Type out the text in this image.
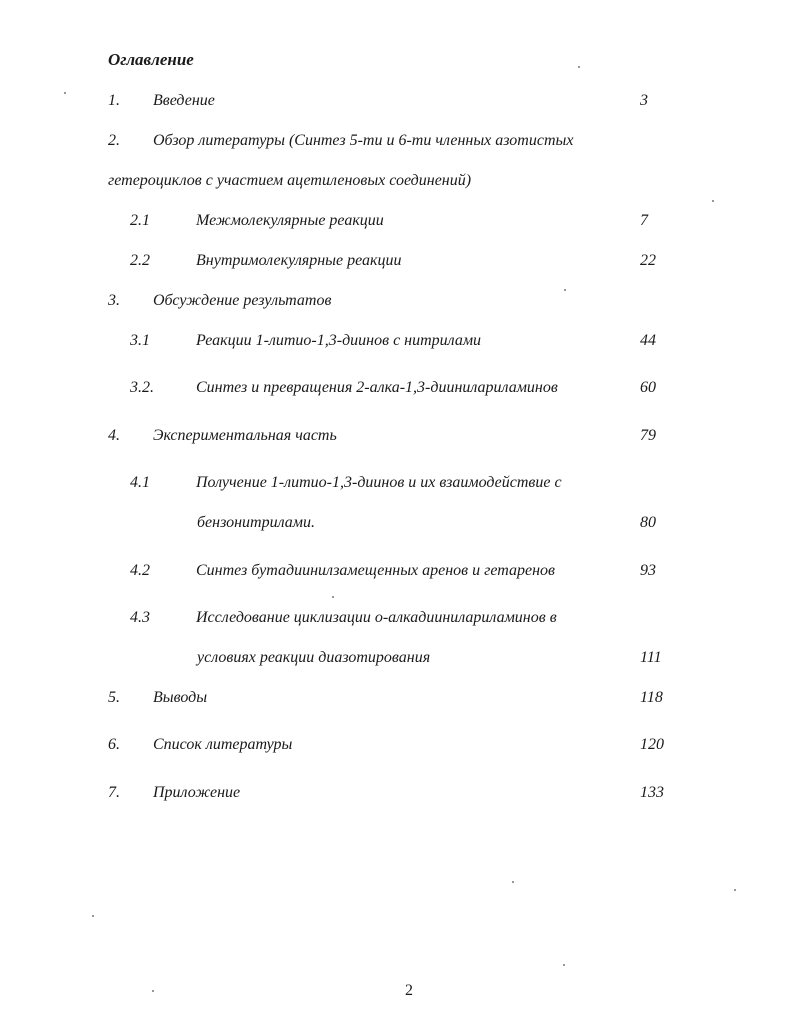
Оглавление
1. Введение	3
2. Обзор литературы (Синтез 5-ти и 6-ти членных азотистых
гетероциклов с участием ацетиленовых соединений)
2.1	Межмолекулярные реакции	7
2.2	Внутримолекулярные реакции	22
3. Обсуждение результатов
3.1	Реакции 1-литио-1,3-диинов с нитрилами	44
3.2.	Синтез и превращения 2-алка-1,3-диинилариламинов	60
4. Экспериментальная часть	79
4.1	Получение 1-литио-1,3-диинов и их взаимодействие с
бензонитрилами.	80
4.2	Синтез бутадиинилзамещенных аренов и гетаренов	93
4.3	Исследование циклизации о-алкадиинилариламинов в
условиях реакции диазотирования	111
5. Выводы	118
6. Список литературы	120
7. Приложение	133
2
